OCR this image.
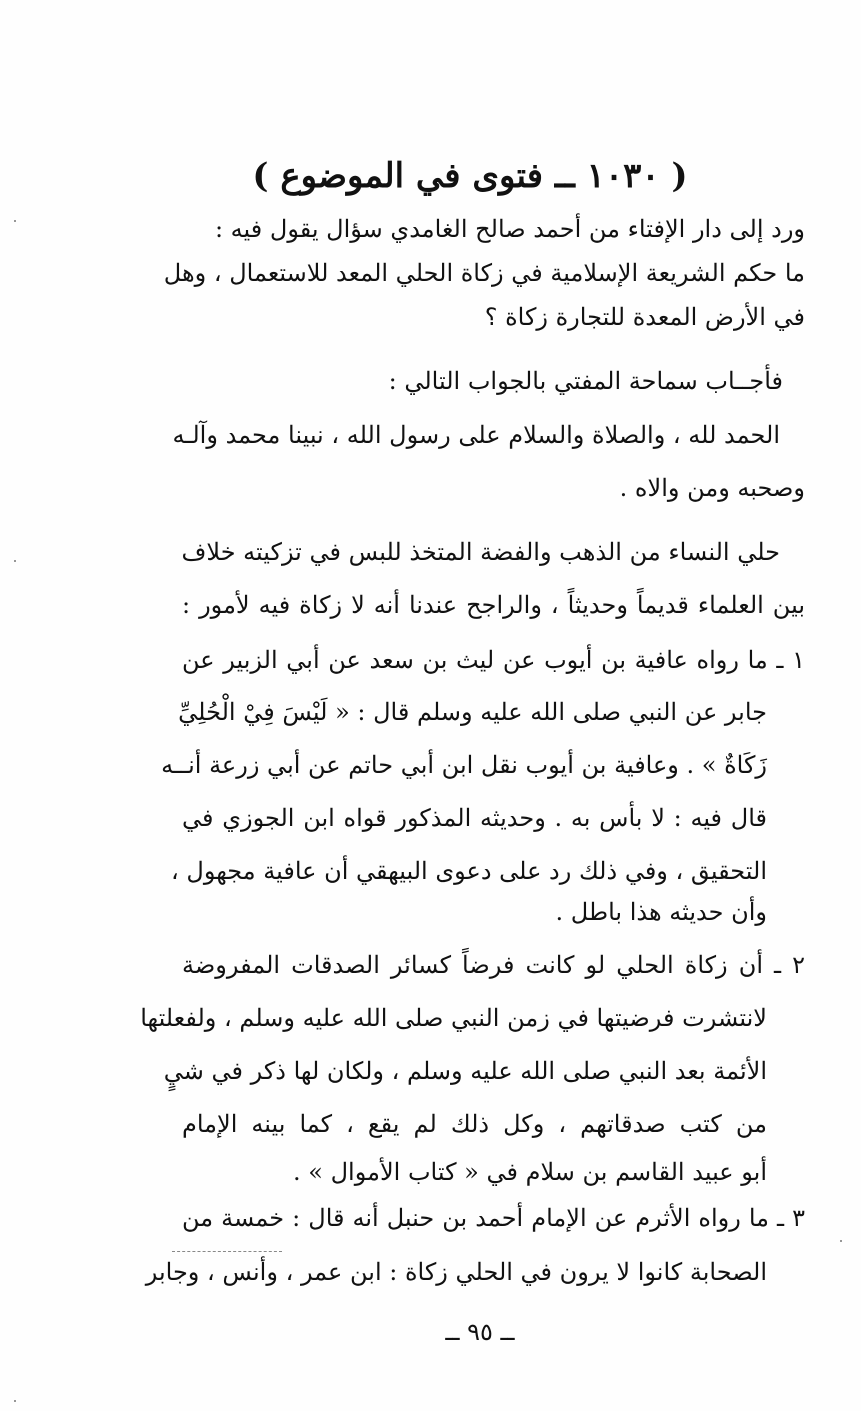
( ١٠٣٠ ــ فتوى في الموضوع )
ورد إلى دار الإفتاء من أحمد صالح الغامدي سؤال يقول فيه :
ما حكم الشريعة الإسلامية في زكاة الحلي المعد للاستعمال ، وهل
في الأرض المعدة للتجارة زكاة ؟
فأجــاب سماحة المفتي بالجواب التالي :
الحمد لله ، والصلاة والسلام على رسول الله ، نبينا محمد وآلـه
وصحبه ومن والاه .
حلي النساء من الذهب والفضة المتخذ للبس في تزكيته خلاف
بين العلماء قديماً وحديثاً ، والراجح عندنا أنه لا زكاة فيه لأمور :
١ ـ ما رواه عافية بن أيوب عن ليث بن سعد عن أبي الزبير عن
جابر عن النبي صلى الله عليه وسلم قال : « لَيْسَ فِيْ الْحُلِيِّ
زَكَاةٌ » . وعافية بن أيوب نقل ابن أبي حاتم عن أبي زرعة أنــه
قال فيه : لا بأس به . وحديثه المذكور قواه ابن الجوزي في
التحقيق ، وفي ذلك رد على دعوى البيهقي أن عافية مجهول ،
وأن حديثه هذا باطل .
٢ ـ أن زكاة الحلي لو كانت فرضاً كسائر الصدقات المفروضة
لانتشرت فرضيتها في زمن النبي صلى الله عليه وسلم ، ولفعلتها
الأئمة بعد النبي صلى الله عليه وسلم ، ولكان لها ذكر في شيٍ
من كتب صدقاتهم ، وكل ذلك لم يقع ، كما بينه الإمام
أبو عبيد القاسم بن سلام في « كتاب الأموال » .
٣ ـ ما رواه الأثرم عن الإمام أحمد بن حنبل أنه قال : خمسة من
الصحابة كانوا لا يرون في الحلي زكاة : ابن عمر ، وأنس ، وجابر
ــ ٩٥ ــ
